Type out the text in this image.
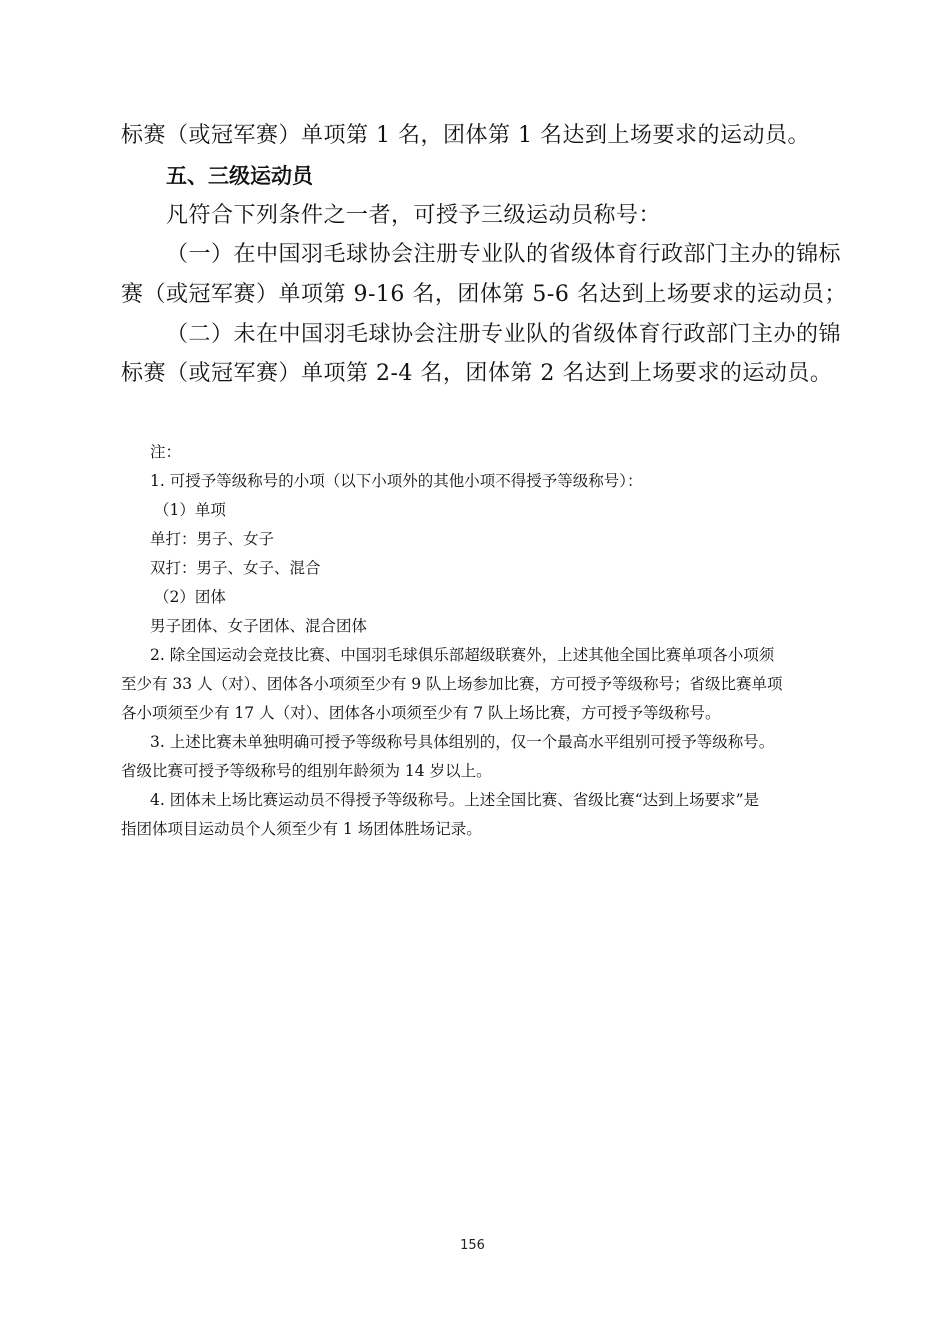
标赛（或冠军赛）单项第 1 名，团体第 1 名达到上场要求的运动员。

五、三级运动员

凡符合下列条件之一者，可授予三级运动员称号：

（一）在中国羽毛球协会注册专业队的省级体育行政部门主办的锦标

赛（或冠军赛）单项第 9-16 名，团体第 5-6 名达到上场要求的运动员；

（二）未在中国羽毛球协会注册专业队的省级体育行政部门主办的锦

标赛（或冠军赛）单项第 2-4 名，团体第 2 名达到上场要求的运动员。

注：

1. 可授予等级称号的小项（以下小项外的其他小项不得授予等级称号）：

（1）单项

单打：男子、女子

双打：男子、女子、混合

（2）团体

男子团体、女子团体、混合团体

2. 除全国运动会竞技比赛、中国羽毛球俱乐部超级联赛外，上述其他全国比赛单项各小项须

至少有 33 人（对）、团体各小项须至少有 9 队上场参加比赛，方可授予等级称号；省级比赛单项

各小项须至少有 17 人（对）、团体各小项须至少有 7 队上场比赛，方可授予等级称号。

3. 上述比赛未单独明确可授予等级称号具体组别的，仅一个最高水平组别可授予等级称号。

省级比赛可授予等级称号的组别年龄须为 14 岁以上。

4. 团体未上场比赛运动员不得授予等级称号。上述全国比赛、省级比赛“达到上场要求”是

指团体项目运动员个人须至少有 1 场团体胜场记录。

156
